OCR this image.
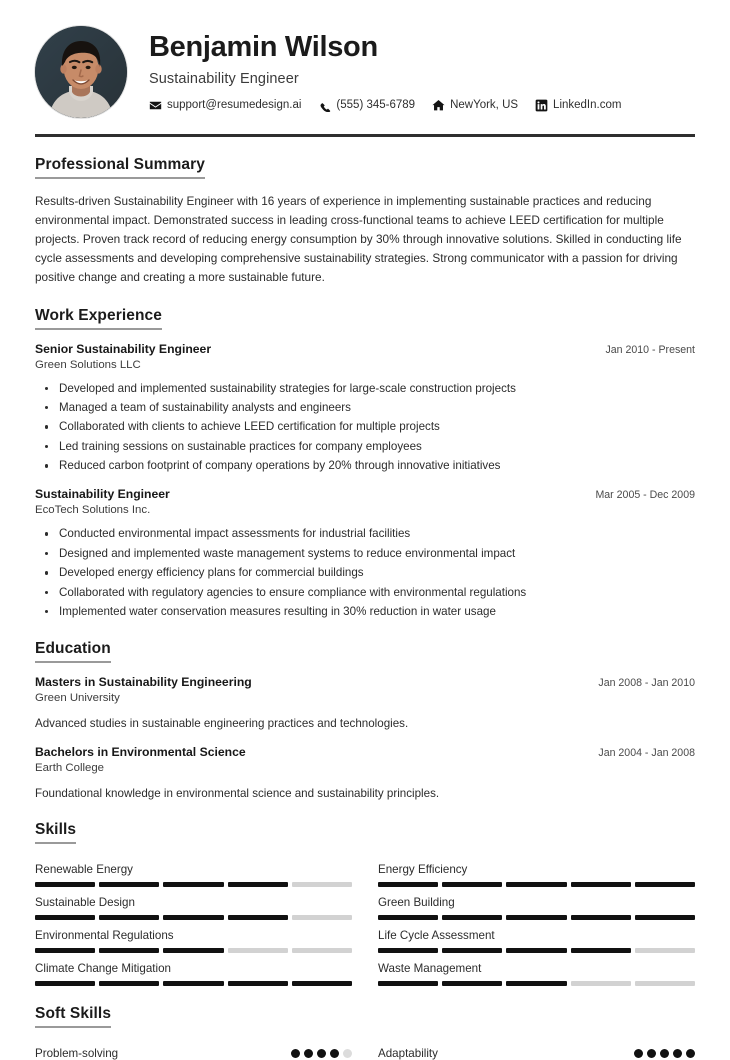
Benjamin Wilson
Sustainability Engineer
support@resumedesign.ai	(555) 345-6789	NewYork, US	LinkedIn.com
Professional Summary
Results-driven Sustainability Engineer with 16 years of experience in implementing sustainable practices and reducing environmental impact. Demonstrated success in leading cross-functional teams to achieve LEED certification for multiple projects. Proven track record of reducing energy consumption by 30% through innovative solutions. Skilled in conducting life cycle assessments and developing comprehensive sustainability strategies. Strong communicator with a passion for driving positive change and creating a more sustainable future.
Work Experience
Senior Sustainability Engineer	Jan 2010 - Present
Green Solutions LLC
Developed and implemented sustainability strategies for large-scale construction projects
Managed a team of sustainability analysts and engineers
Collaborated with clients to achieve LEED certification for multiple projects
Led training sessions on sustainable practices for company employees
Reduced carbon footprint of company operations by 20% through innovative initiatives
Sustainability Engineer	Mar 2005 - Dec 2009
EcoTech Solutions Inc.
Conducted environmental impact assessments for industrial facilities
Designed and implemented waste management systems to reduce environmental impact
Developed energy efficiency plans for commercial buildings
Collaborated with regulatory agencies to ensure compliance with environmental regulations
Implemented water conservation measures resulting in 30% reduction in water usage
Education
Masters in Sustainability Engineering	Jan 2008 - Jan 2010
Green University
Advanced studies in sustainable engineering practices and technologies.
Bachelors in Environmental Science	Jan 2004 - Jan 2008
Earth College
Foundational knowledge in environmental science and sustainability principles.
Skills
Renewable Energy	Energy Efficiency
Sustainable Design	Green Building
Environmental Regulations	Life Cycle Assessment
Climate Change Mitigation	Waste Management
Soft Skills
Problem-solving	Adaptability
